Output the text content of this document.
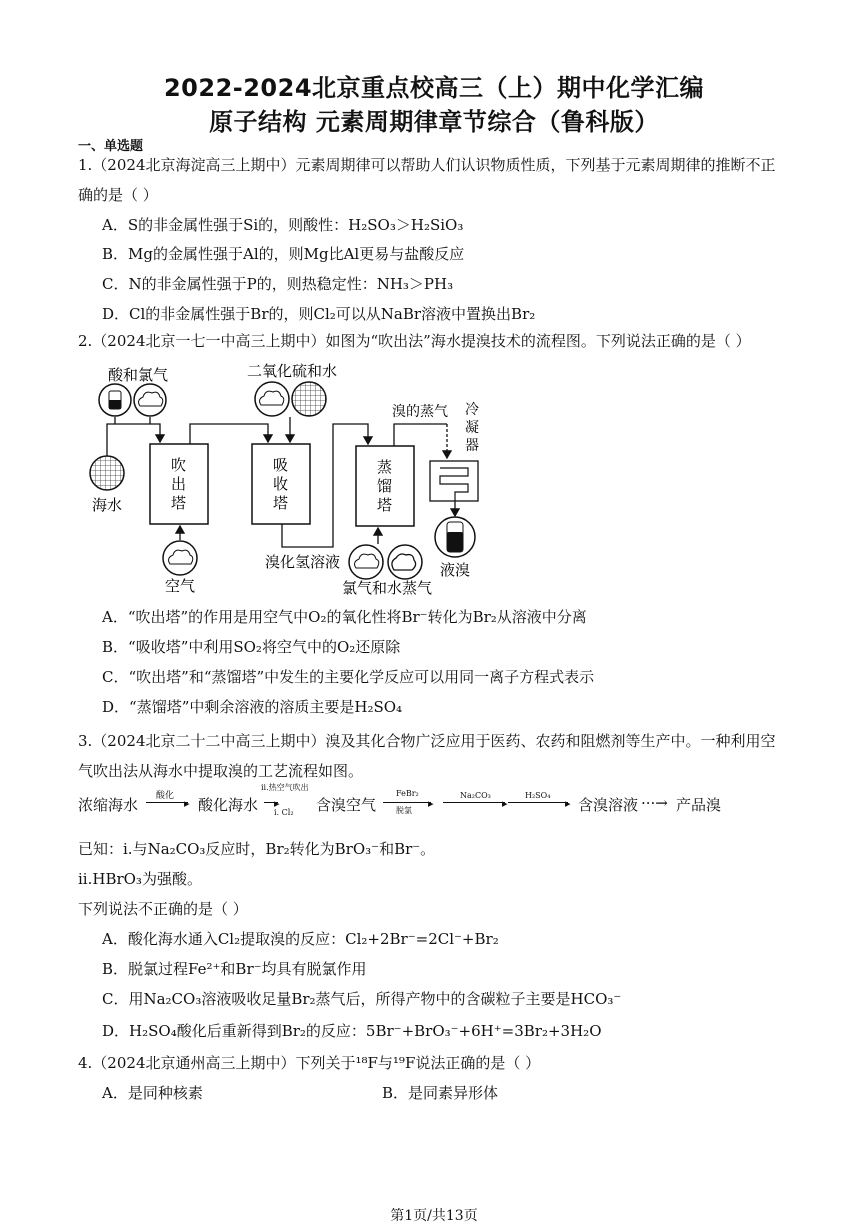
2022-2024北京重点校高三（上）期中化学汇编
原子结构 元素周期律章节综合（鲁科版）
一、单选题
1.（2024北京海淀高三上期中）元素周期律可以帮助人们认识物质性质，下列基于元素周期律的推断不正确的是（ ）
A．S的非金属性强于Si的，则酸性：H₂SO₃＞H₂SiO₃
B．Mg的金属性强于Al的，则Mg比Al更易与盐酸反应
C．N的非金属性强于P的，则热稳定性：NH₃＞PH₃
D．Cl的非金属性强于Br的，则Cl₂可以从NaBr溶液中置换出Br₂
2.（2024北京一七一中高三上期中）如图为“吹出法”海水提溴技术的流程图。下列说法正确的是（ ）
酸和氯气	二氧化硫和水
溴的蒸气 冷 凝 器
海水
吹 出 塔
吸 收 塔
蒸 馏 塔
空气
溴化氢溶液
氯气和水蒸气
液溴
A．“吹出塔”的作用是用空气中O₂的氧化性将Br⁻转化为Br₂从溶液中分离
B．“吸收塔”中利用SO₂将空气中的O₂还原除
C．“吹出塔”和“蒸馏塔”中发生的主要化学反应可以用同一离子方程式表示
D．“蒸馏塔”中剩余溶液的溶质主要是H₂SO₄
3.（2024北京二十二中高三上期中）溴及其化合物广泛应用于医药、农药和阻燃剂等生产中。一种利用空气吹出法从海水中提取溴的工艺流程如图。
浓缩海水 酸化
▸ 酸化海水
ii.热空气吹出
▸
i. Cl₂ 含溴空气
FeBr₂
▸
脱氯
Na₂CO₃
▸
H₂SO₄
▸ 含溴溶液 ···→ 产品溴
已知：i.与Na₂CO₃反应时，Br₂转化为BrO₃⁻和Br⁻。
ii.HBrO₃为强酸。
下列说法不正确的是（ ）
A．酸化海水通入Cl₂提取溴的反应：Cl₂+2Br⁻=2Cl⁻+Br₂
B．脱氯过程Fe²⁺和Br⁻均具有脱氯作用
C．用Na₂CO₃溶液吸收足量Br₂蒸气后，所得产物中的含碳粒子主要是HCO₃⁻
D．H₂SO₄酸化后重新得到Br₂的反应：5Br⁻+BrO₃⁻+6H⁺=3Br₂+3H₂O
4.（2024北京通州高三上期中）下列关于¹⁸F与¹⁹F说法正确的是（ ）
A．是同种核素	B．是同素异形体
第1页/共13页
